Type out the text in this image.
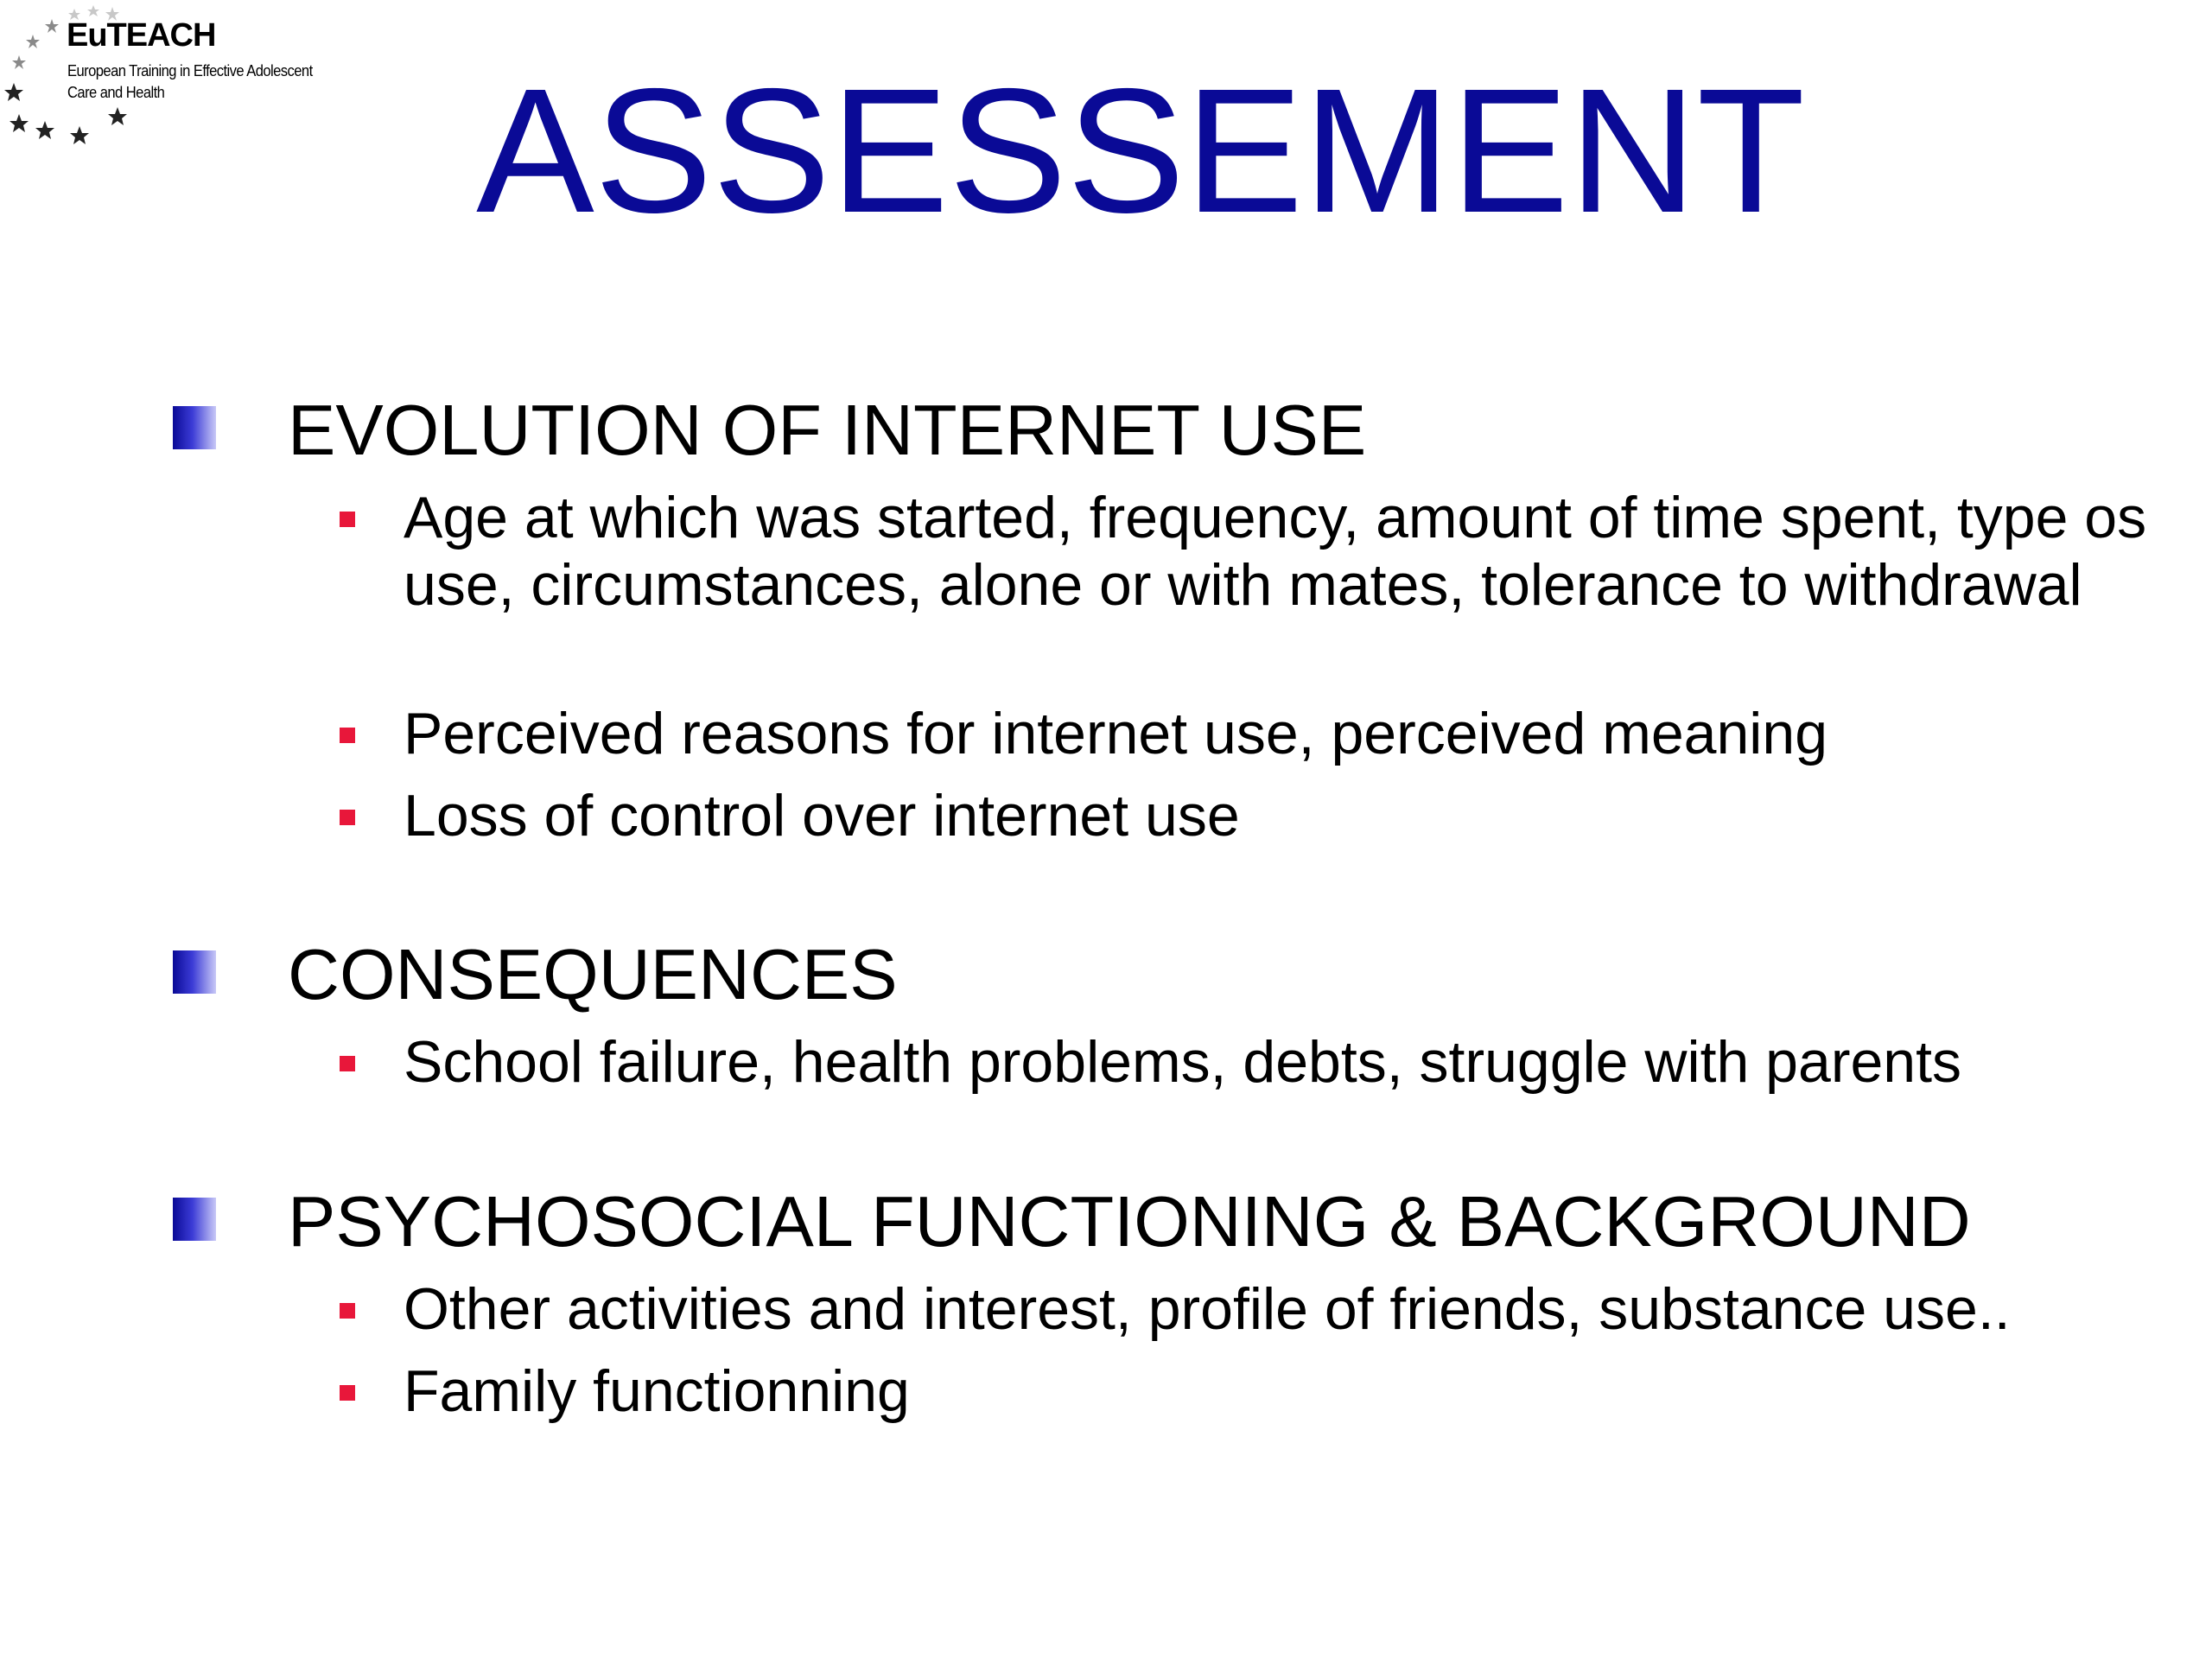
EuTEACH
European Training in Effective Adolescent Care and Health	ASSESSEMENT
EVOLUTION OF INTERNET USE
Age at which was started, frequency, amount of time spent, type os use, circumstances, alone or with mates, tolerance to withdrawal
Perceived reasons for internet use, perceived meaning
Loss of control over internet use
CONSEQUENCES
School failure, health problems, debts, struggle with parents
PSYCHOSOCIAL FUNCTIONING & BACKGROUND
Other activities and interest, profile of friends, substance use..
Family functionning
